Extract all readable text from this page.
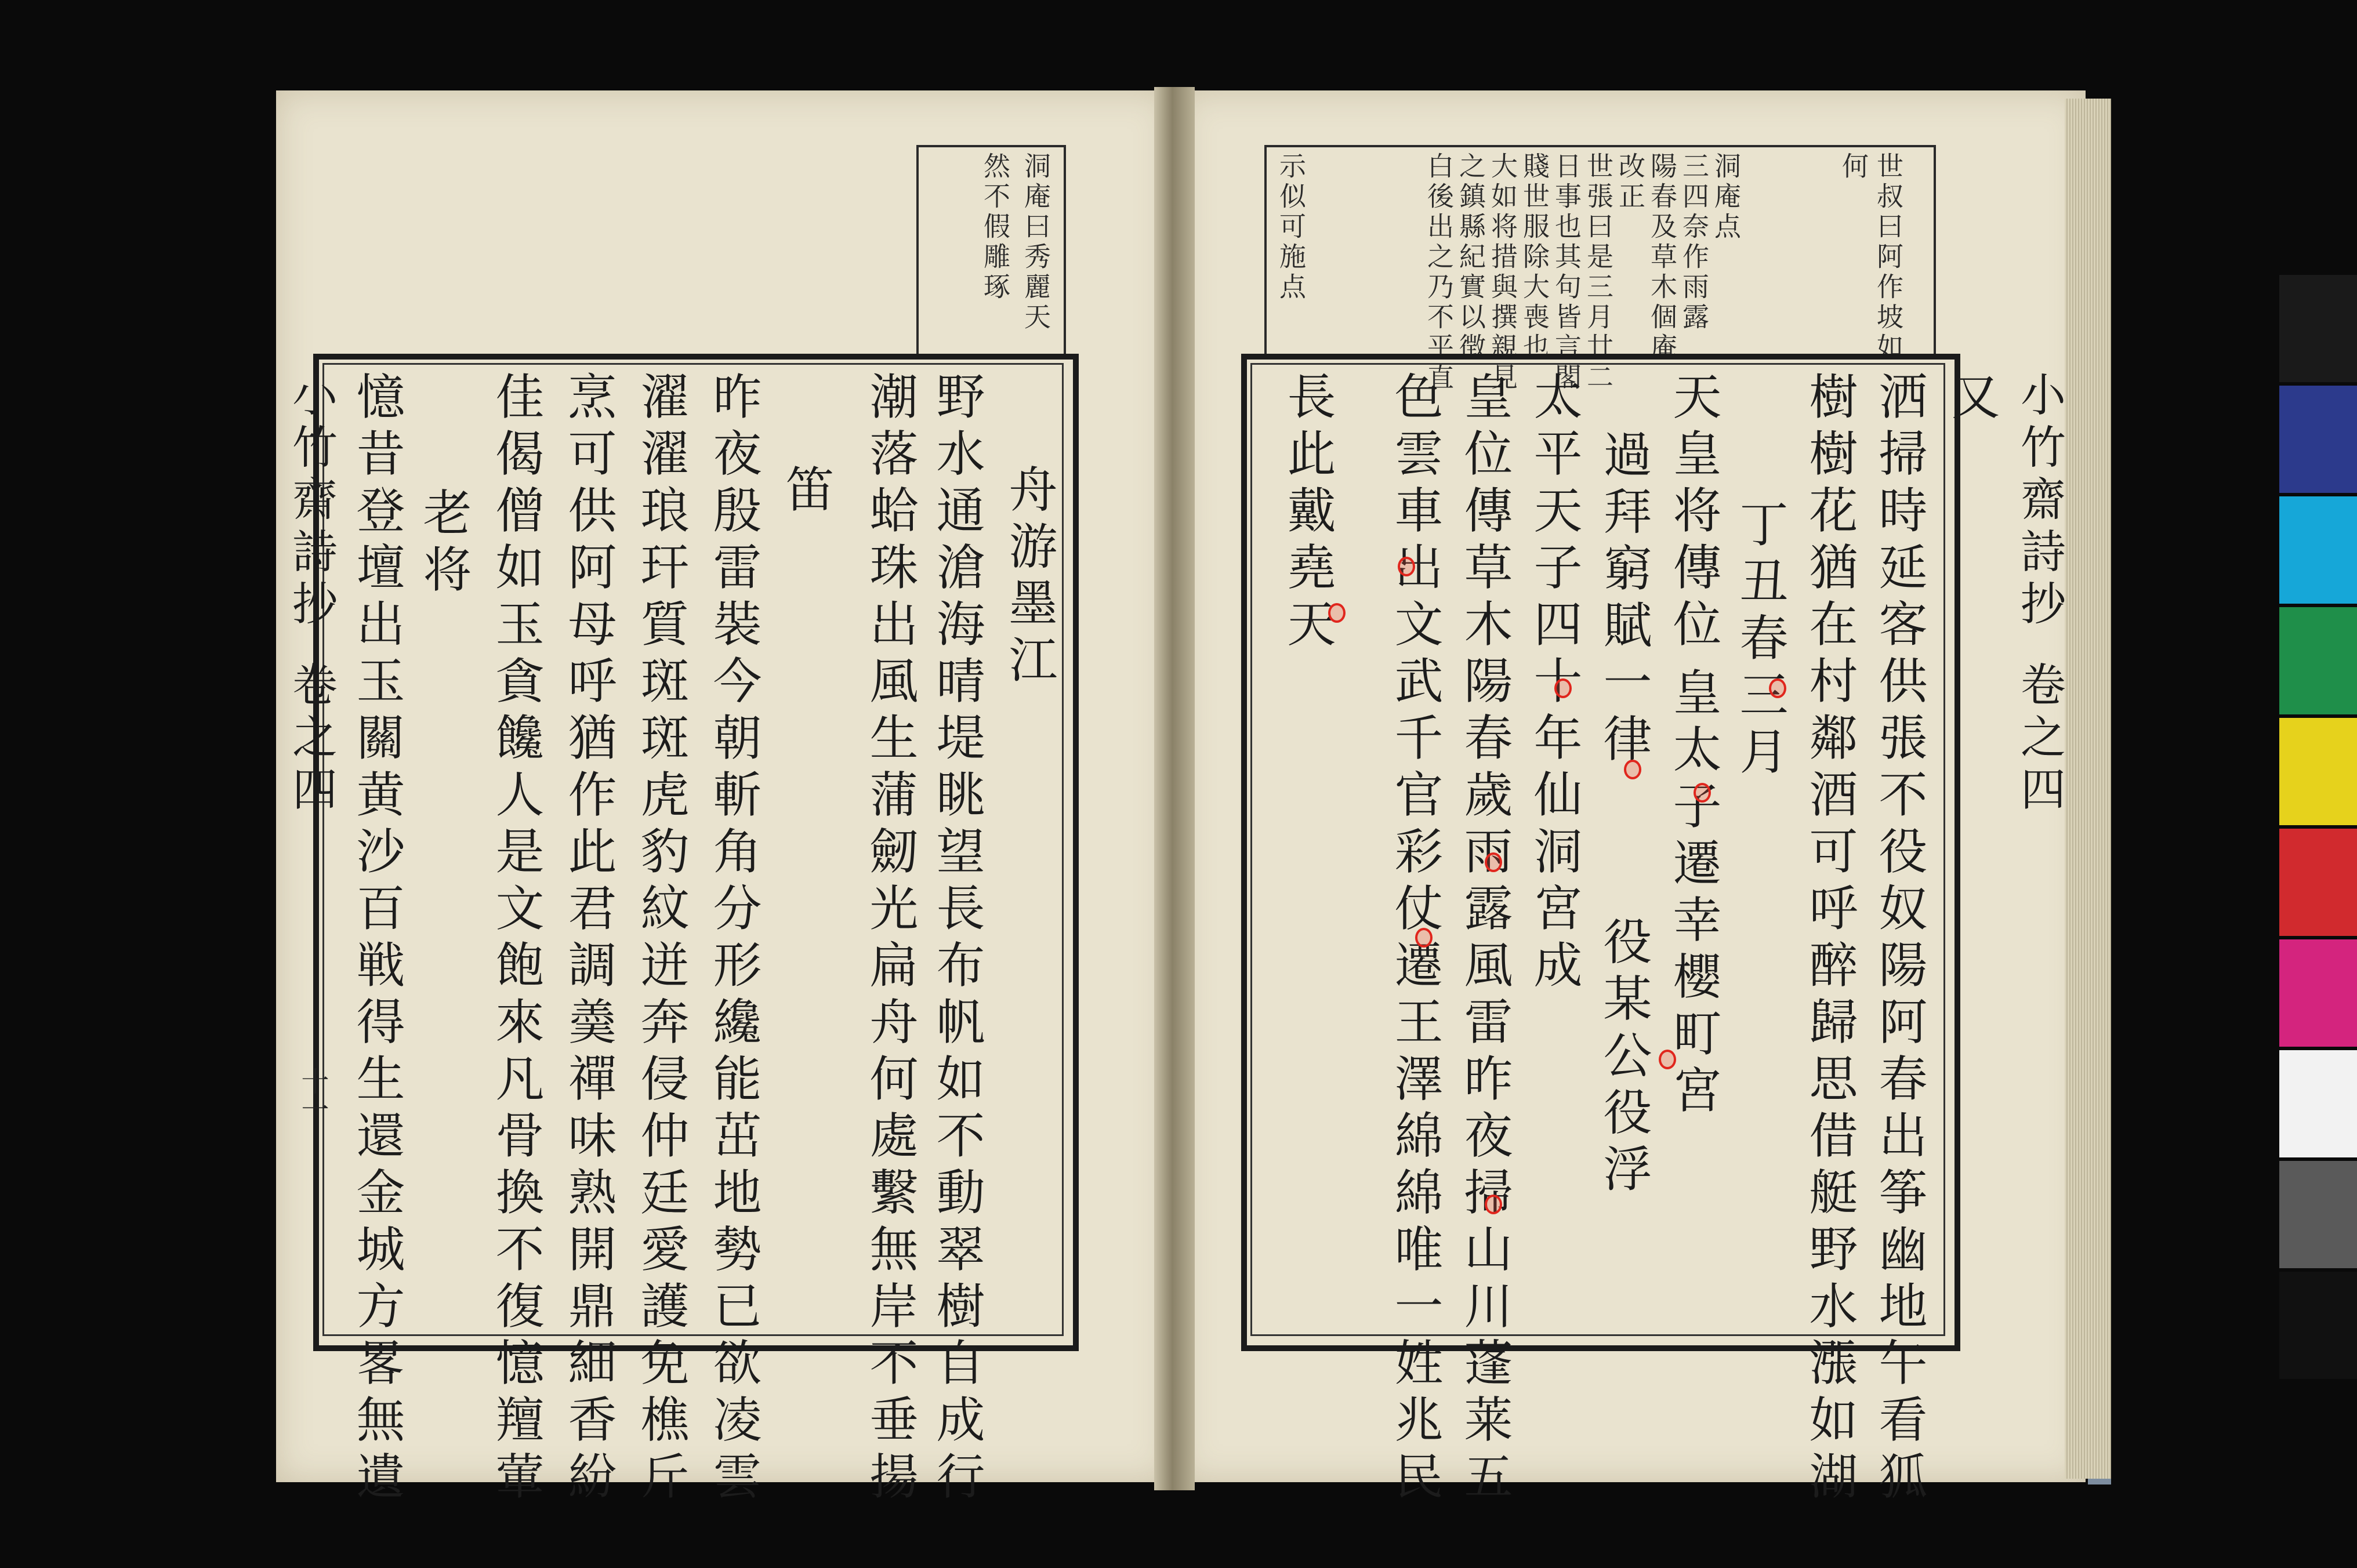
洞庵曰秀麗天
然不假雕琢
小竹齋詩抄
卷之四
十一
舟游墨江
野水通滄海晴堤眺望長布帆如不動翠樹自成行
潮落蛤珠出風生蒲劒光扁舟何處繫無岸不垂揚
笛
昨夜殷雷裝今朝斬角分形纔能茁地勢已欲凌雲
濯濯琅玕質斑斑虎豹紋迸奔侵仲廷愛護免樵斤
烹可供阿母呼猶作此君調羮禪味熟開鼎細香紛
佳偈僧如玉貪饞人是文飽來凡骨換不復憶羶葷
老将
憶昔登壇出玉關黄沙百戦得生還金城方畧無遺
世叔曰阿作坡如
何
洞庵点
三四奈作雨露
陽春及草木個庵
改正
世張曰是三月廿二
日事也其句皆言閣
賤世服除大喪也
大如将措與撰親見
之鎮縣紀實以徴
白後出之乃不平直
示似可施点
小竹齋詩抄
卷之四
又
洒掃時延客供張不役奴陽阿春出筝幽地午看狐
樹樹花猶在村鄰酒可呼醉歸思借艇野水漲如湖
丁丑春三月
天皇将傳位
過拜窮賦一律
皇太子遷幸櫻町宮
役某公役浮
太平天子四十年仙洞宮成
皇位傳草木陽春歲雨露風雷昨夜掃山川蓬莱五
色雲車出文武千官彩仗遷王澤綿綿唯一姓兆民
長此戴堯天
